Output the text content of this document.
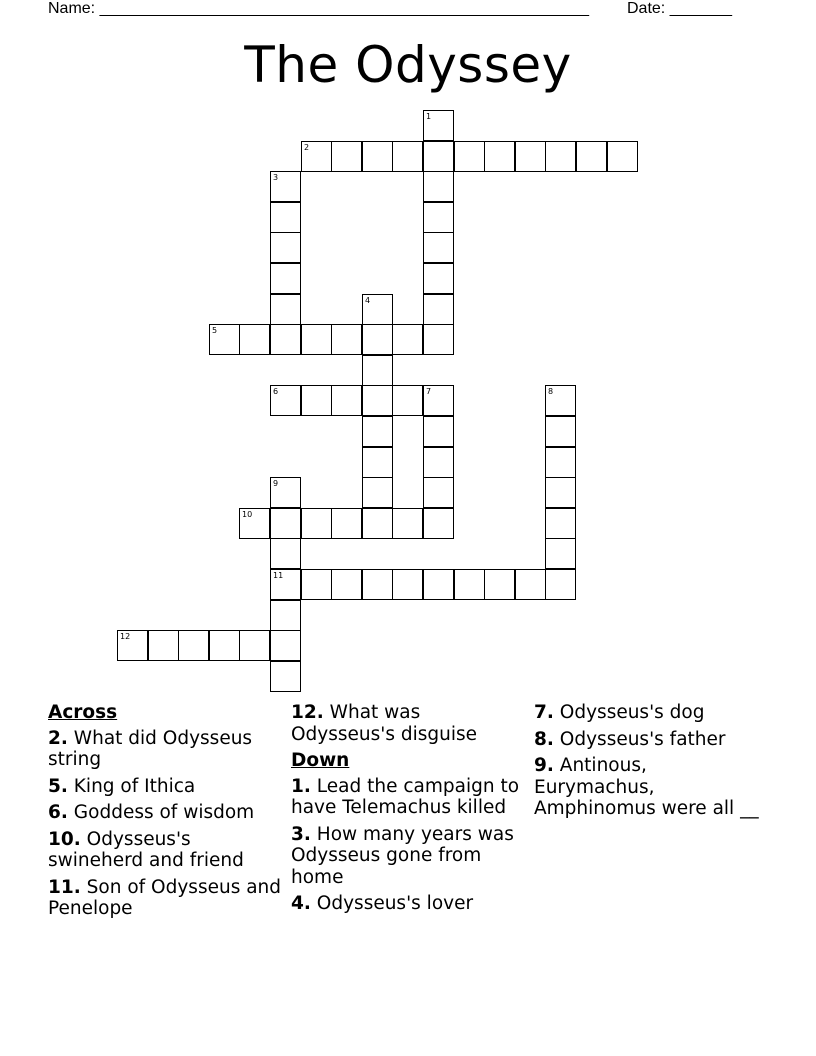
Name: _______________________________________________________ Date: _______
The Odyssey
1
2
3
4
5
6	7	8
9
10
11
12
Across
2. What did Odysseus string
5. King of Ithica
6. Goddess of wisdom
10. Odysseus's swineherd and friend
11. Son of Odysseus and Penelope
12. What was Odysseus's disguise
Down
1. Lead the campaign to have Telemachus killed
3. How many years was Odysseus gone from home
4. Odysseus's lover
7. Odysseus's dog
8. Odysseus's father
9. Antinous, Eurymachus, Amphinomus were all __
